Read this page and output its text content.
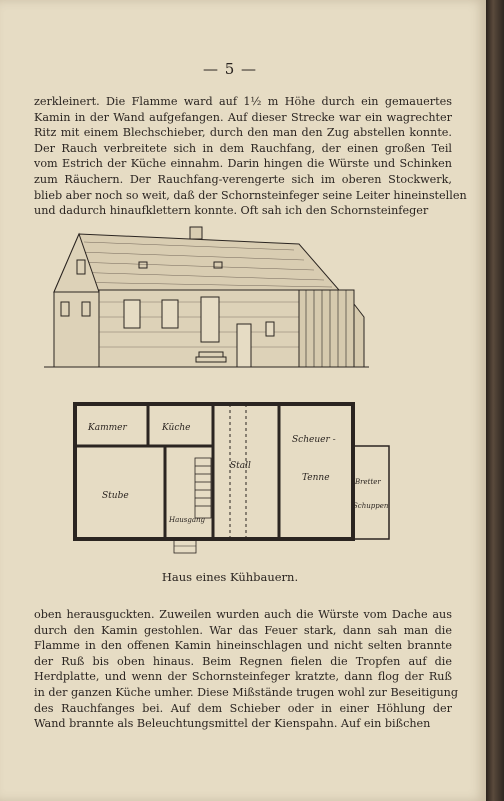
— 5 —
zerkleinert. Die Flamme ward auf 1½ m Höhe durch ein gemauertes
Kamin in der Wand aufgefangen. Auf dieser Strecke war ein wagrechter
Ritz mit einem Blechschieber, durch den man den Zug abstellen konnte.
Der Rauch verbreitete sich in dem Rauchfang, der einen großen Teil
vom Estrich der Küche einnahm. Darin hingen die Würste und Schinken
zum Räuchern. Der Rauchfang-verengerte sich im oberen Stockwerk,
blieb aber noch so weit, daß der Schornsteinfeger seine Leiter hineinstellen
und dadurch hinaufklettern konnte. Oft sah ich den Schornsteinfeger
Kammer	Küche
Stall
Scheuer -
Tenne	Bretter
Schuppen
Stube
Hausgang
Haus eines Kühbauern.
oben herausguckten. Zuweilen wurden auch die Würste vom Dache aus
durch den Kamin gestohlen. War das Feuer stark, dann sah man die
Flamme in den offenen Kamin hineinschlagen und nicht selten brannte
der Ruß bis oben hinaus. Beim Regnen fielen die Tropfen auf die
Herdplatte, und wenn der Schornsteinfeger kratzte, dann flog der Ruß
in der ganzen Küche umher. Diese Mißstände trugen wohl zur Beseitigung
des Rauchfanges bei. Auf dem Schieber oder in einer Höhlung der
Wand brannte als Beleuchtungsmittel der Kienspahn. Auf ein bißchen
